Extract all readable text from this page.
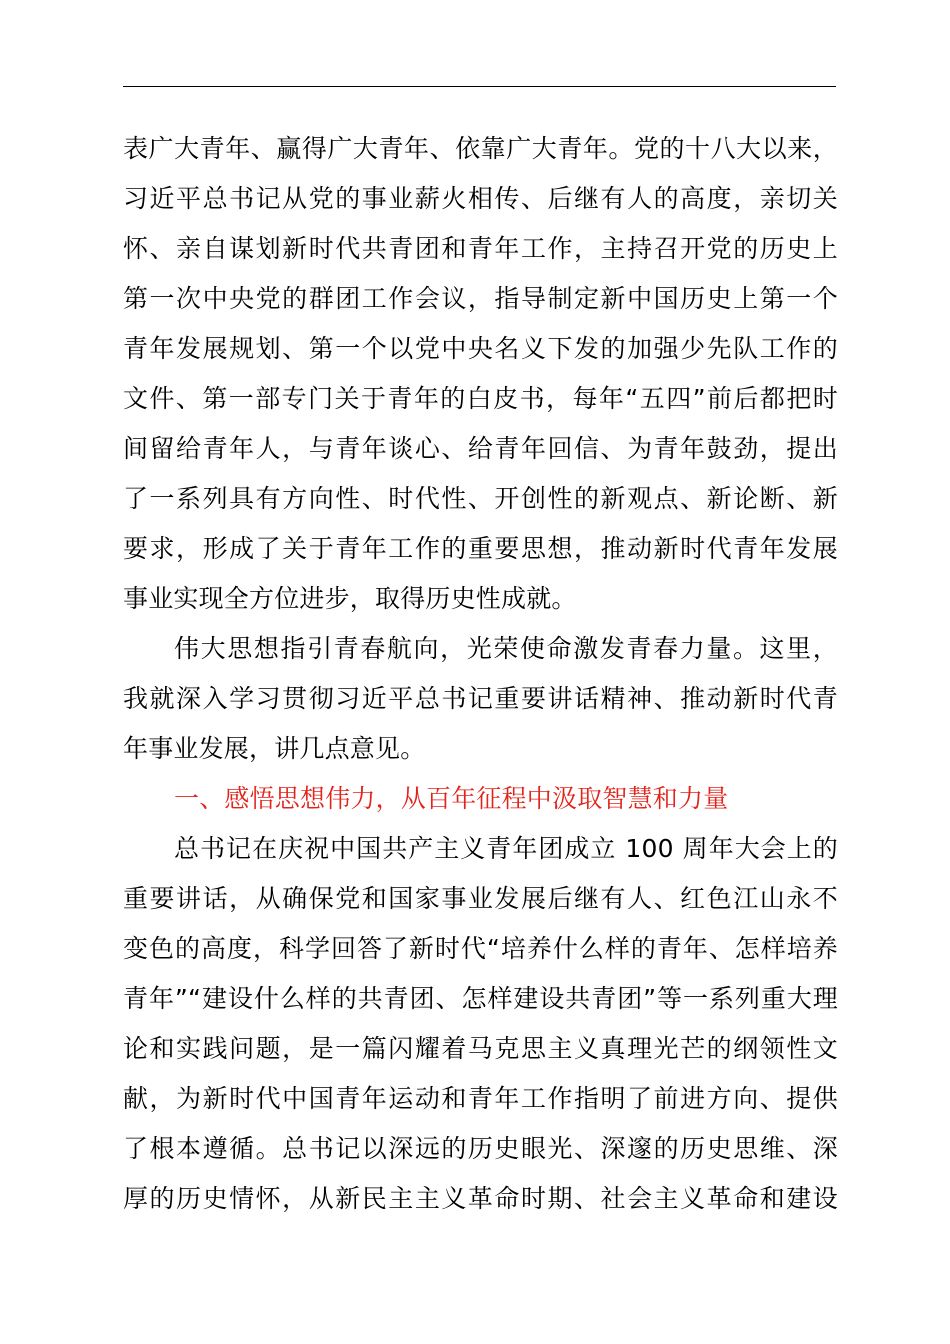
表广大青年、赢得广大青年、依靠广大青年。党的十八大以来，
习近平总书记从党的事业薪火相传、后继有人的高度，亲切关
怀、亲自谋划新时代共青团和青年工作，主持召开党的历史上
第一次中央党的群团工作会议，指导制定新中国历史上第一个
青年发展规划、第一个以党中央名义下发的加强少先队工作的
文件、第一部专门关于青年的白皮书，每年“五四”前后都把时
间留给青年人，与青年谈心、给青年回信、为青年鼓劲，提出
了一系列具有方向性、时代性、开创性的新观点、新论断、新
要求，形成了关于青年工作的重要思想，推动新时代青年发展
事业实现全方位进步，取得历史性成就。
伟大思想指引青春航向，光荣使命激发青春力量。这里，
我就深入学习贯彻习近平总书记重要讲话精神、推动新时代青
年事业发展，讲几点意见。
一、感悟思想伟力，从百年征程中汲取智慧和力量
总书记在庆祝中国共产主义青年团成立 100 周年大会上的
重要讲话，从确保党和国家事业发展后继有人、红色江山永不
变色的高度，科学回答了新时代“培养什么样的青年、怎样培养
青年”“建设什么样的共青团、怎样建设共青团”等一系列重大理
论和实践问题，是一篇闪耀着马克思主义真理光芒的纲领性文
献，为新时代中国青年运动和青年工作指明了前进方向、提供
了根本遵循。总书记以深远的历史眼光、深邃的历史思维、深
厚的历史情怀，从新民主主义革命时期、社会主义革命和建设
